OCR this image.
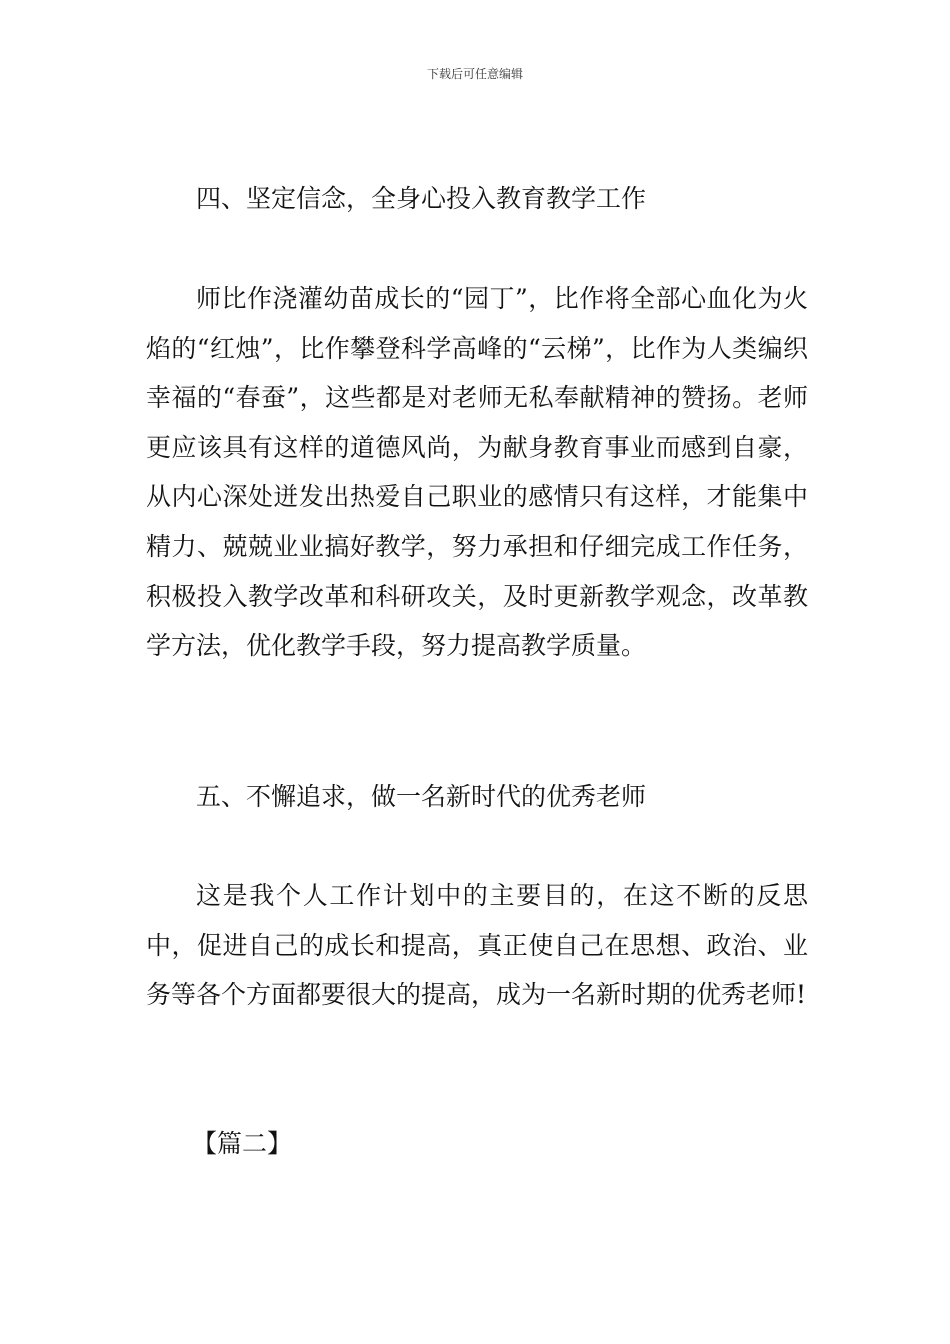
下载后可任意编辑
四、坚定信念，全身心投入教育教学工作

师比作浇灌幼苗成长的“园丁”，比作将全部心血化为火焰的“红烛”，比作攀登科学高峰的“云梯”，比作为人类编织幸福的“春蚕”，这些都是对老师无私奉献精神的赞扬。老师更应该具有这样的道德风尚，为献身教育事业而感到自豪，从内心深处迸发出热爱自己职业的感情只有这样，才能集中精力、兢兢业业搞好教学，努力承担和仔细完成工作任务，积极投入教学改革和科研攻关，及时更新教学观念，改革教学方法，优化教学手段，努力提高教学质量。

五、不懈追求，做一名新时代的优秀老师

这是我个人工作计划中的主要目的，在这不断的反思中，促进自己的成长和提高，真正使自己在思想、政治、业务等各个方面都要很大的提高，成为一名新时期的优秀老师!

【篇二】
